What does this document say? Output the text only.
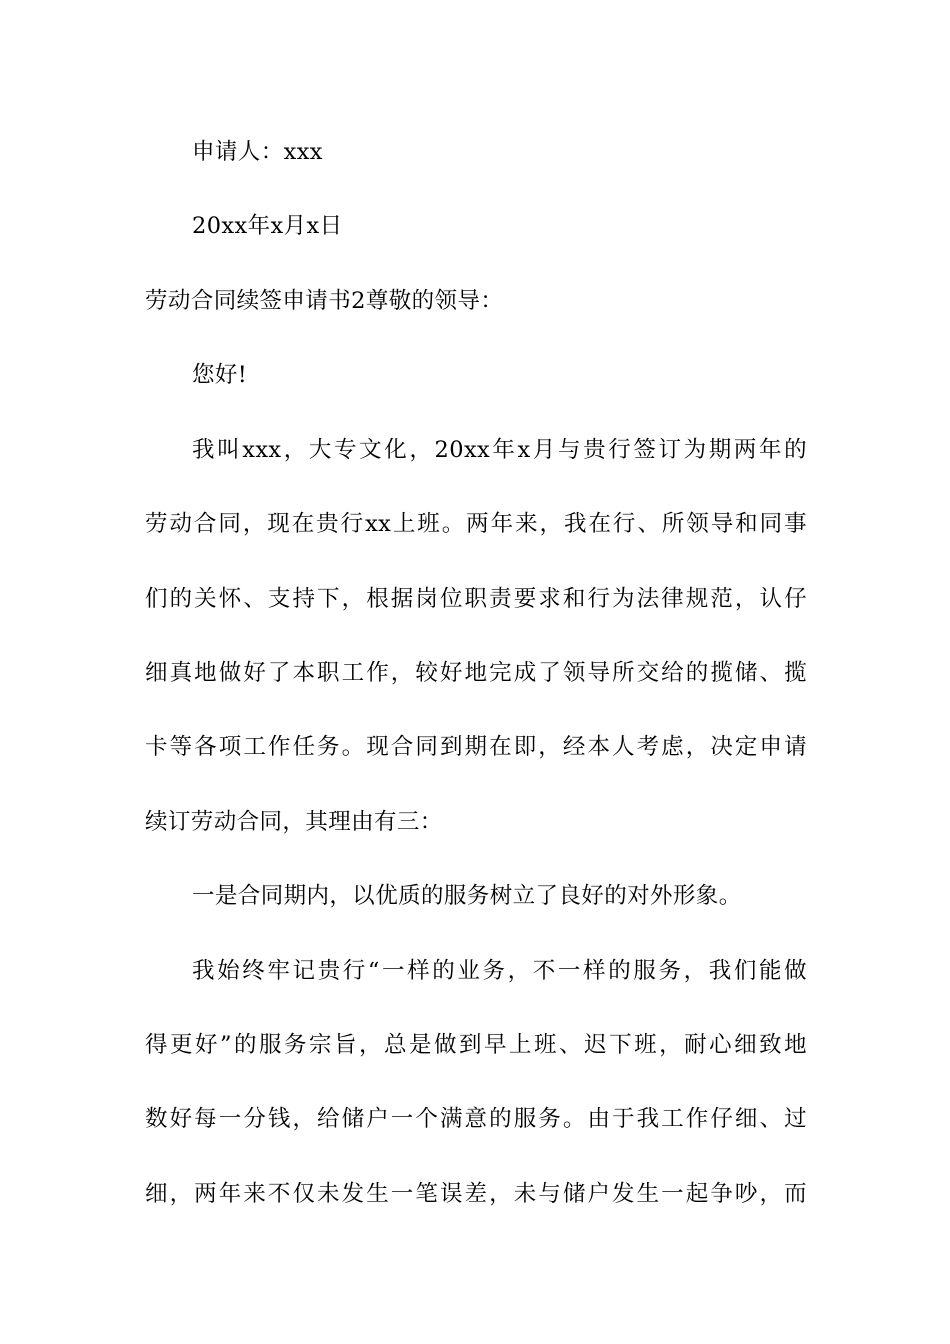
申请人：xxx
20xx年x月x日
劳动合同续签申请书2尊敬的领导：
您好!
我叫xxx，大专文化，20xx年x月与贵行签订为期两年的
劳动合同，现在贵行xx上班。两年来，我在行、所领导和同事
们的关怀、支持下，根据岗位职责要求和行为法律规范，认仔
细真地做好了本职工作，较好地完成了领导所交给的揽储、揽
卡等各项工作任务。现合同到期在即，经本人考虑，决定申请
续订劳动合同，其理由有三：
一是合同期内，以优质的服务树立了良好的对外形象。
我始终牢记贵行“一样的业务，不一样的服务，我们能做
得更好”的服务宗旨，总是做到早上班、迟下班，耐心细致地
数好每一分钱，给储户一个满意的服务。由于我工作仔细、过
细，两年来不仅未发生一笔误差，未与储户发生一起争吵，而
